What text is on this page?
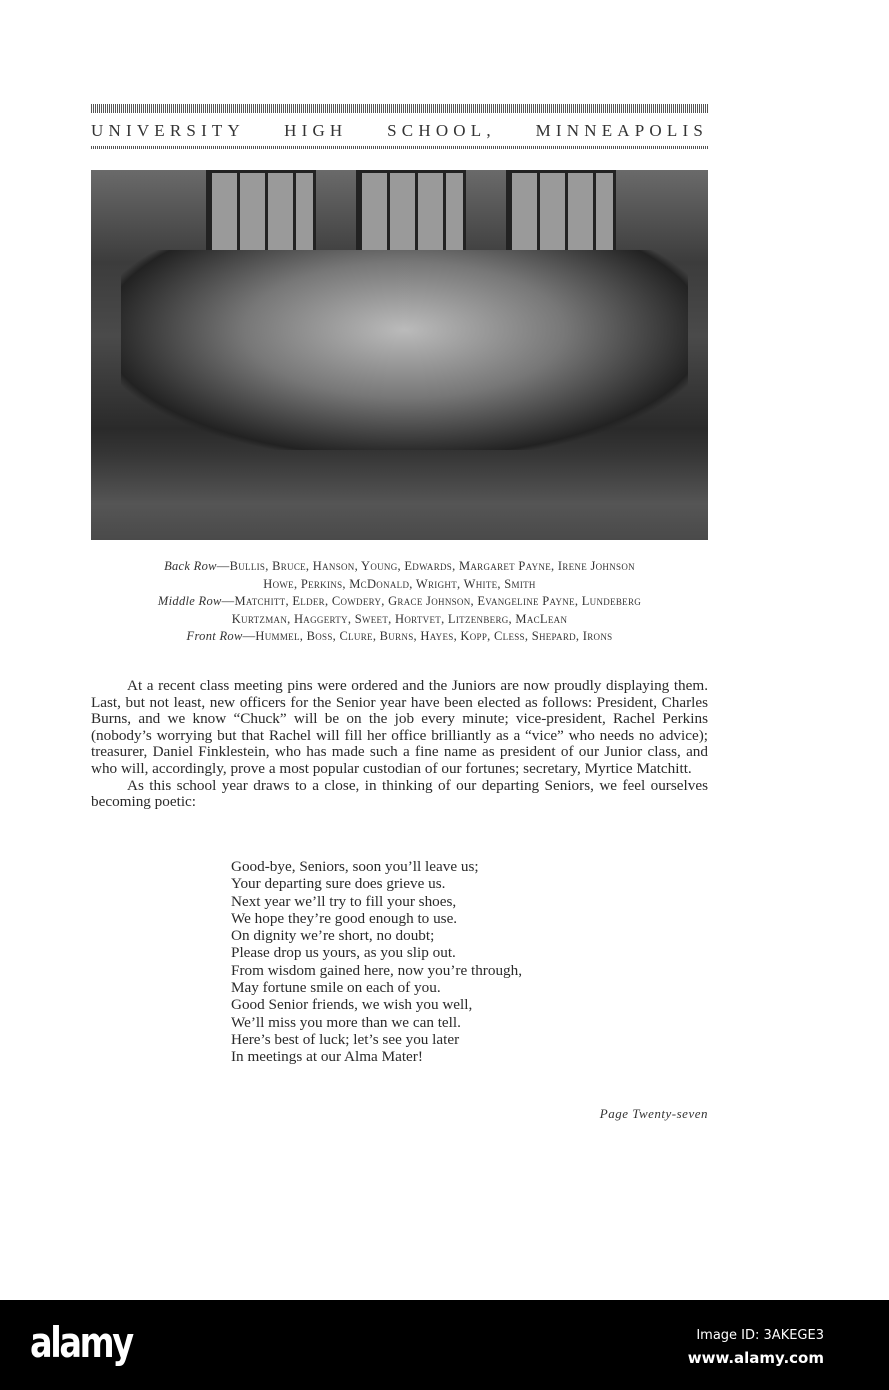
UNIVERSITY HIGH SCHOOL, MINNEAPOLIS
Back Row—Bullis, Bruce, Hanson, Young, Edwards, Margaret Payne, Irene Johnson
Howe, Perkins, McDonald, Wright, White, Smith
Middle Row—Matchitt, Elder, Cowdery, Grace Johnson, Evangeline Payne, Lundeberg
Kurtzman, Haggerty, Sweet, Hortvet, Litzenberg, MacLean
Front Row—Hummel, Boss, Clure, Burns, Hayes, Kopp, Cless, Shepard, Irons

At a recent class meeting pins were ordered and the Juniors are now proudly displaying them. Last, but not least, new officers for the Senior year have been elected as follows: President, Charles Burns, and we know “Chuck” will be on the job every minute; vice-president, Rachel Perkins (nobody’s worrying but that Rachel will fill her office brilliantly as a “vice” who needs no advice); treasurer, Daniel Finklestein, who has made such a fine name as president of our Junior class, and who will, accordingly, prove a most popular custodian of our fortunes; secretary, Myrtice Matchitt.

As this school year draws to a close, in thinking of our departing Seniors, we feel ourselves becoming poetic:

Good-bye, Seniors, soon you’ll leave us;
Your departing sure does grieve us.
Next year we’ll try to fill your shoes,
We hope they’re good enough to use.
On dignity we’re short, no doubt;
Please drop us yours, as you slip out.
From wisdom gained here, now you’re through,
May fortune smile on each of you.
Good Senior friends, we wish you well,
We’ll miss you more than we can tell.
Here’s best of luck; let’s see you later
In meetings at our Alma Mater!
Page Twenty-seven
alamy	Image ID: 3AKEGE3
www.alamy.com
